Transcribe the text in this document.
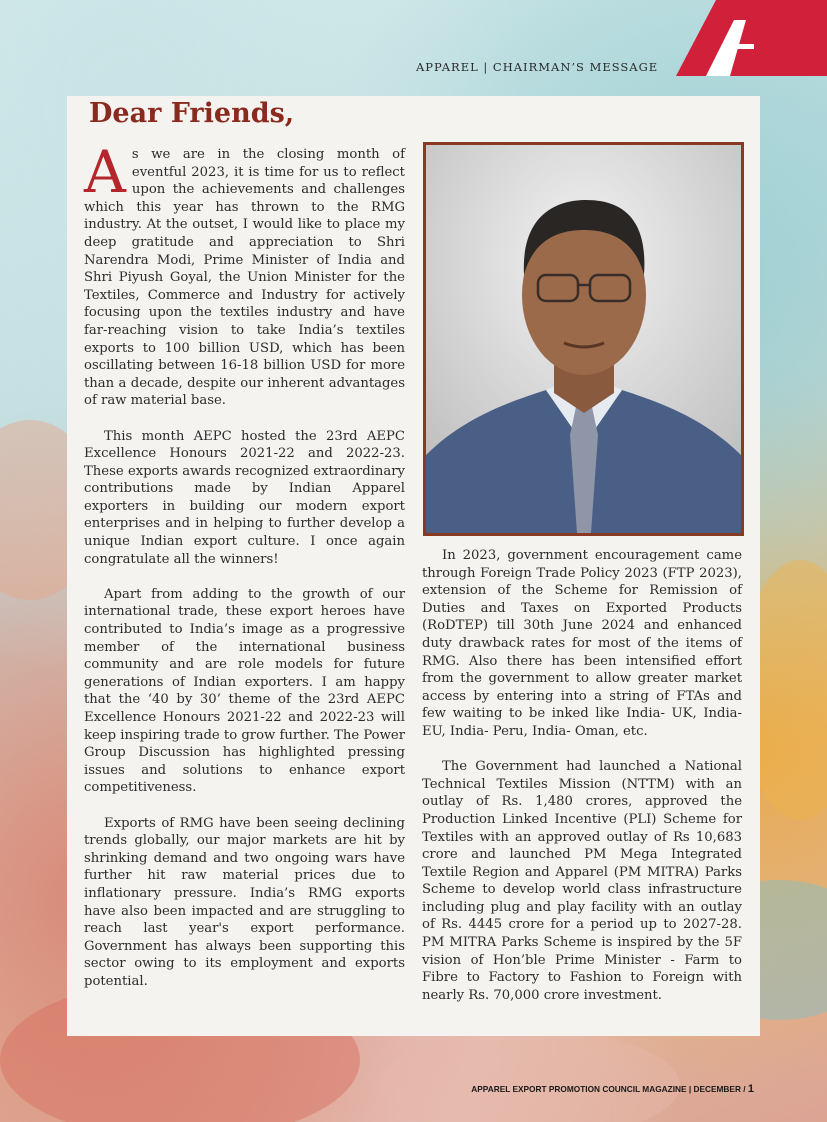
APPAREL | CHAIRMAN’S MESSAGE
Dear Friends,

As we are in the closing month of eventful 2023, it is time for us to reflect upon the achievements and challenges which this year has thrown to the RMG industry. At the outset, I would like to place my deep gratitude and appreciation to Shri Narendra Modi, Prime Minister of India and Shri Piyush Goyal, the Union Minister for the Textiles, Commerce and Industry for actively focusing upon the textiles industry and have far-reaching vision to take India’s textiles exports to 100 billion USD, which has been oscillating between 16-18 billion USD for more than a decade, despite our inherent advantages of raw material base.

This month AEPC hosted the 23rd AEPC Excellence Honours 2021-22 and 2022-23. These exports awards recognized extraordinary contributions made by Indian Apparel exporters in building our modern export enterprises and in helping to further develop a unique Indian export culture. I once again congratulate all the winners!

Apart from adding to the growth of our international trade, these export heroes have contributed to India’s image as a progressive member of the international business community and are role models for future generations of Indian exporters. I am happy that the ‘40 by 30’ theme of the 23rd AEPC Excellence Honours 2021-22 and 2022-23 will keep inspiring trade to grow further. The Power Group Discussion has highlighted pressing issues and solutions to enhance export competitiveness.

Exports of RMG have been seeing declining trends globally, our major markets are hit by shrinking demand and two ongoing wars have further hit raw material prices due to inflationary pressure. India’s RMG exports have also been impacted and are struggling to reach last year's export performance. Government has always been supporting this sector owing to its employment and exports potential.

In 2023, government encouragement came through Foreign Trade Policy 2023 (FTP 2023), extension of the Scheme for Remission of Duties and Taxes on Exported Products (RoDTEP) till 30th June 2024 and enhanced duty drawback rates for most of the items of RMG. Also there has been intensified effort from the government to allow greater market access by entering into a string of FTAs and few waiting to be inked like India- UK, India- EU, India- Peru, India- Oman, etc.

The Government had launched a National Technical Textiles Mission (NTTM) with an outlay of Rs. 1,480 crores, approved the Production Linked Incentive (PLI) Scheme for Textiles with an approved outlay of Rs 10,683 crore and launched PM Mega Integrated Textile Region and Apparel (PM MITRA) Parks Scheme to develop world class infrastructure including plug and play facility with an outlay of Rs. 4445 crore for a period up to 2027-28. PM MITRA Parks Scheme is inspired by the 5F vision of Hon’ble Prime Minister - Farm to Fibre to Factory to Fashion to Foreign with nearly Rs. 70,000 crore investment.

APPAREL EXPORT PROMOTION COUNCIL MAGAZINE | DECEMBER / 1
